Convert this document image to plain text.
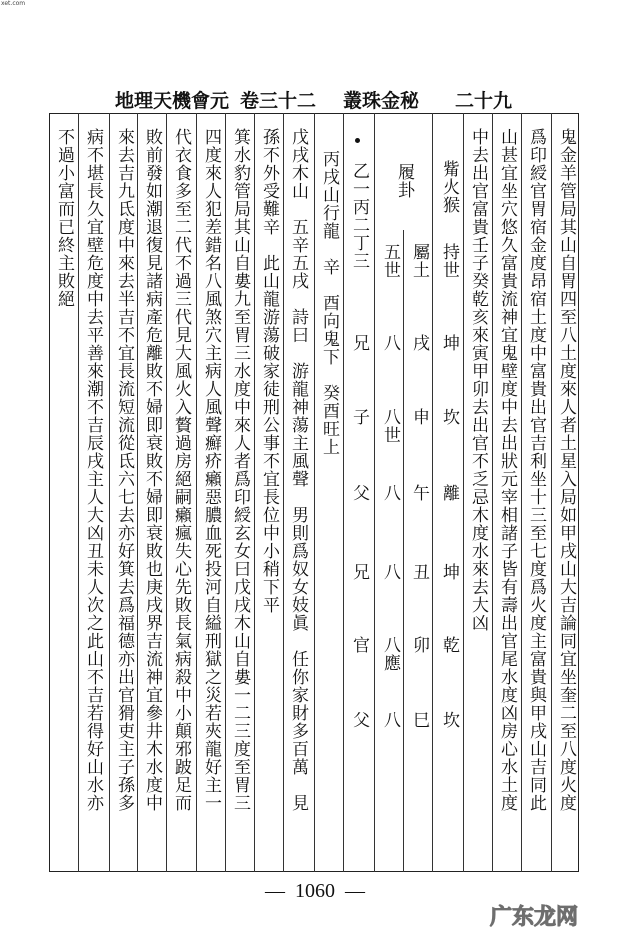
xet.com
地理天機會元 卷三十二 叢珠金秘 二十九
鬼金羊管局其山自胃四至八土度來人者土星入局如甲戌山大吉論同宜坐奎二至八度火度
爲印綬官胃宿金度昂宿土度中富貴出官吉利坐十三至七度爲火度主富貴與甲戌山吉同此
山甚宜坐穴悠久富貴流神宜鬼壁度中去出狀元宰相諸子皆有壽出官尾水度凶房心水土度
中去出官富貴壬子癸乾亥來寅甲卯去出官不乏忌木度水來去大凶
丙戌山行龍　辛　酉向鬼下　癸酉旺上
戊戌木山　五辛五戌　詩曰　游龍神蕩主風聲　男則爲奴女妓眞　任你家財多百萬　見
孫不外受難辛　此山龍游蕩破家徒刑公事不宜長位中小稍下平
箕水豹管局其山自婁九至胃三水度中來人者爲印綬玄女曰戊戌木山自婁一二三度至胃三
四度來人犯差錯名八風煞穴主病人風聲癬疥癩惡膿血死投河自縊刑獄之災若夾龍好主一
代衣食多至二代不過三代見大風火入贅過房絕嗣癩瘋失心先敗長氣病殺中小顛邪跛足而
敗前發如潮退復見諸病產危離敗不婦即衰敗不婦即衰敗也庚戌界吉流神宜參井木水度中
來去吉九氐度中來去半吉不宜長流短流從氐六七去亦好箕去爲福德亦出官猾吏主子孫多
病不堪長久宜壁危度中去平善來潮不吉辰戌主人大凶丑未人次之此山不吉若得好山水亦
不過小富而已終主敗絕	觜火猴
持世
履卦
屬土
五世
乙一丙二丁三
坤
坎
離
坤
乾
坎
戌
申
午
丑
卯
巳
八
八世
八
八
八應
八
兄
子
父
兄
官
父
—  1060  —
广东龙网
